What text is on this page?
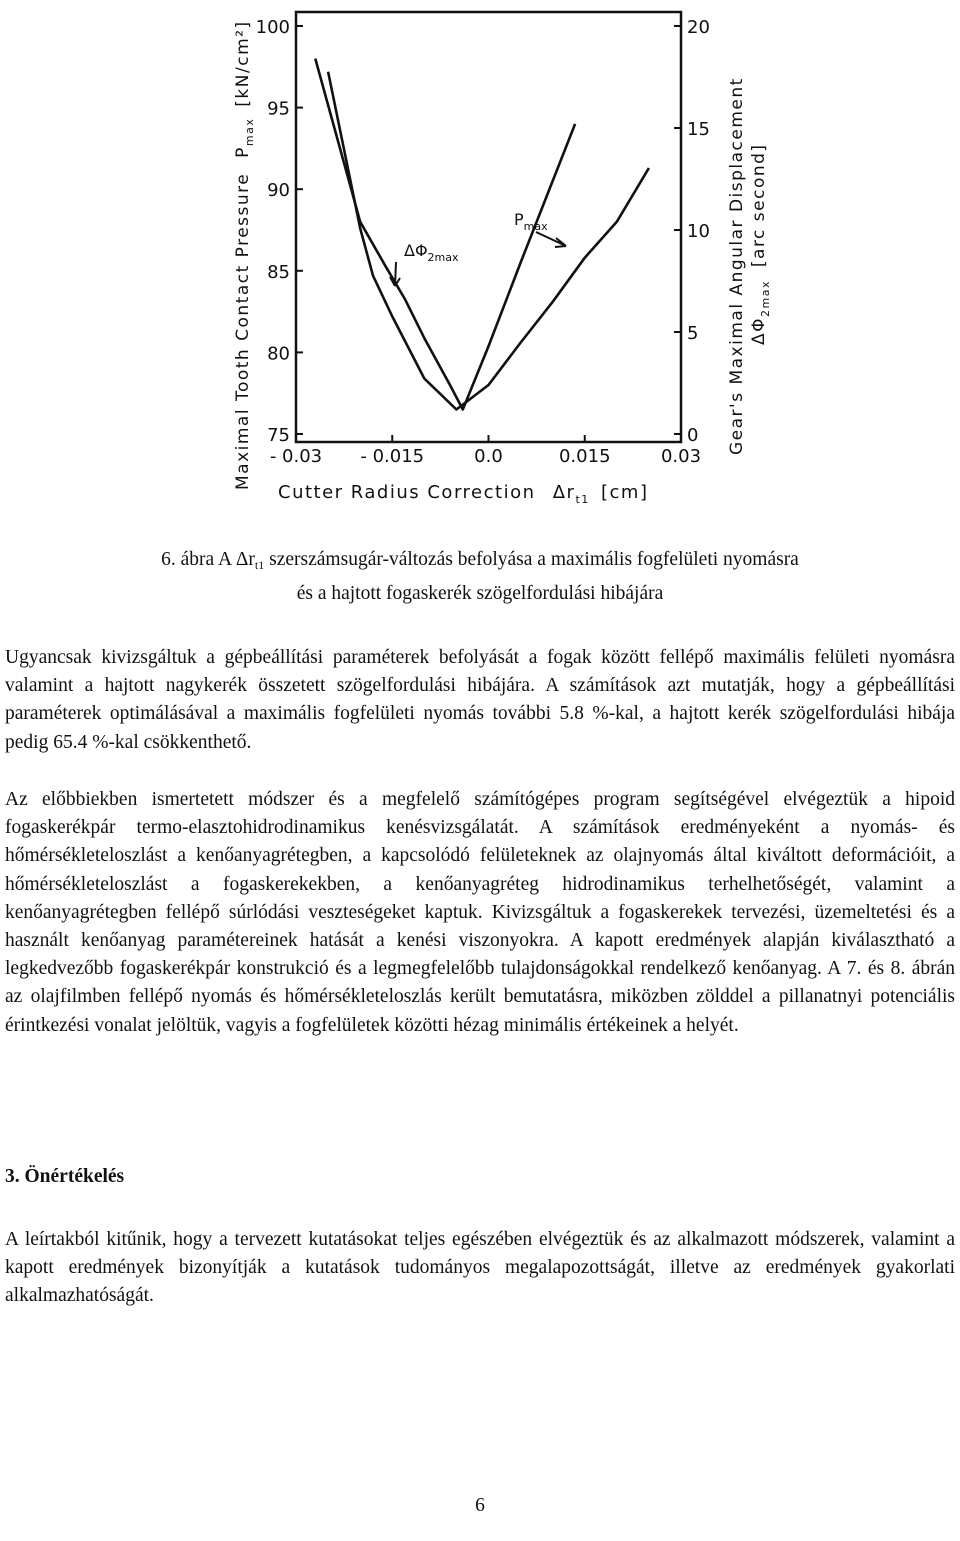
Maximal Tooth Contact Pressure $P_{max}$ [kN/cm²]
Gear's Maximal Angular Displacement $\Delta\Phi_{2max}$ [arc second]
Cutter Radius Correction $\Delta r_{t1}$ [cm]
$P_{max}$
$\Delta\Phi_{2max}$
100
95
90
85
80
75
20
15
10
5
0
- 0.03 - 0.015	0.0	0.015	0.03
6. ábra A $\Delta r_{t1}$ szerszámsugár-változás befolyása a maximális fogfelületi nyomásra
és a hajtott fogaskerék szögelfordulási hibájára

Ugyancsak kivizsgáltuk a gépbeállítási paraméterek befolyását a fogak között fellépő maximális felületi nyomásra valamint a hajtott nagykerék összetett szögelfordulási hibájára. A számítások azt mutatják, hogy a gépbeállítási paraméterek optimálásával a maximális fogfelületi nyomás további 5.8 %-kal, a hajtott kerék szögelfordulási hibája pedig 65.4 %-kal csökkenthető.

Az előbbiekben ismertetett módszer és a megfelelő számítógépes program segítségével elvégeztük a hipoid fogaskerékpár termo-elasztohidrodinamikus kenésvizsgálatát. A számítások eredményeként a nyomás- és hőmérsékleteloszlást a kenőanyagrétegben, a kapcsolódó felületeknek az olajnyomás által kiváltott deformációit, a hőmérsékleteloszlást a fogaskerekekben, a kenőanyagréteg hidrodinamikus terhelhetőségét, valamint a kenőanyagrétegben fellépő súrlódási veszteségeket kaptuk. Kivizsgáltuk a fogaskerekek tervezési, üzemeltetési és a használt kenőanyag paramétereinek hatását a kenési viszonyokra. A kapott eredmények alapján kiválasztható a legkedvezőbb fogaskerékpár konstrukció és a legmegfelelőbb tulajdonságokkal rendelkező kenőanyag. A 7. és 8. ábrán az olajfilmben fellépő nyomás és hőmérsékleteloszlás került bemutatásra, miközben zölddel a pillanatnyi potenciális érintkezési vonalat jelöltük, vagyis a fogfelületek közötti hézag minimális értékeinek a helyét.

3. Önértékelés

A leírtakból kitűnik, hogy a tervezett kutatásokat teljes egészében elvégeztük és az alkalmazott módszerek, valamint a kapott eredmények bizonyítják a kutatások tudományos megalapozottságát, illetve az eredmények gyakorlati alkalmazhatóságát.

6
